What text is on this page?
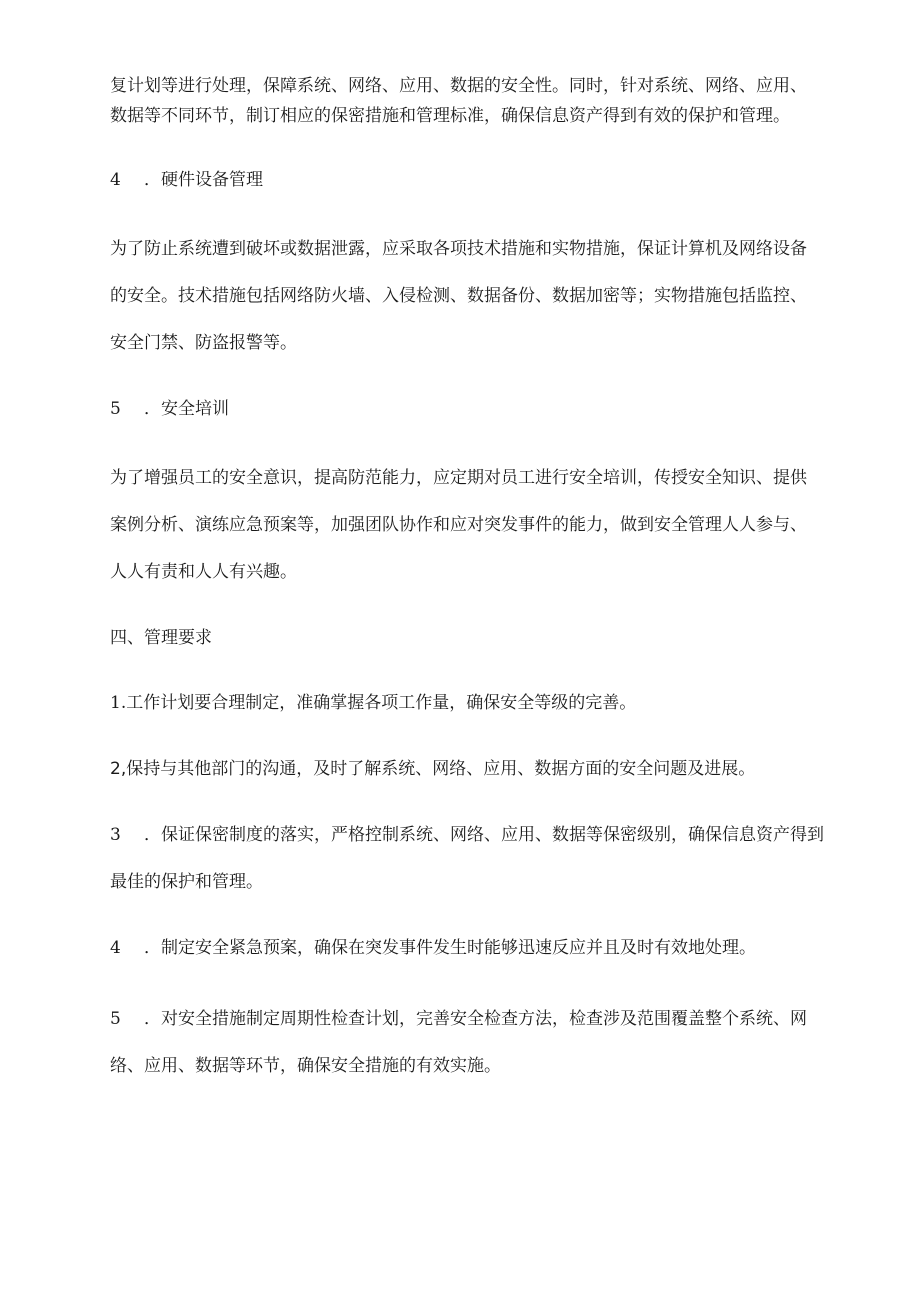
复计划等进行处理，保障系统、网络、应用、数据的安全性。同时，针对系统、网络、应用、
数据等不同环节，制订相应的保密措施和管理标准，确保信息资产得到有效的保护和管理。
4 ．硬件设备管理
为了防止系统遭到破坏或数据泄露，应采取各项技术措施和实物措施，保证计算机及网络设备
的安全。技术措施包括网络防火墙、入侵检测、数据备份、数据加密等；实物措施包括监控、
安全门禁、防盗报警等。
5 ．安全培训
为了增强员工的安全意识，提高防范能力，应定期对员工进行安全培训，传授安全知识、提供
案例分析、演练应急预案等，加强团队协作和应对突发事件的能力，做到安全管理人人参与、
人人有责和人人有兴趣。
四、管理要求
1.工作计划要合理制定，准确掌握各项工作量，确保安全等级的完善。
2,保持与其他部门的沟通，及时了解系统、网络、应用、数据方面的安全问题及进展。
3 ．保证保密制度的落实，严格控制系统、网络、应用、数据等保密级别，确保信息资产得到
最佳的保护和管理。
4 ．制定安全紧急预案，确保在突发事件发生时能够迅速反应并且及时有效地处理。
5 ．对安全措施制定周期性检查计划，完善安全检查方法，检查涉及范围覆盖整个系统、网
络、应用、数据等环节，确保安全措施的有效实施。
